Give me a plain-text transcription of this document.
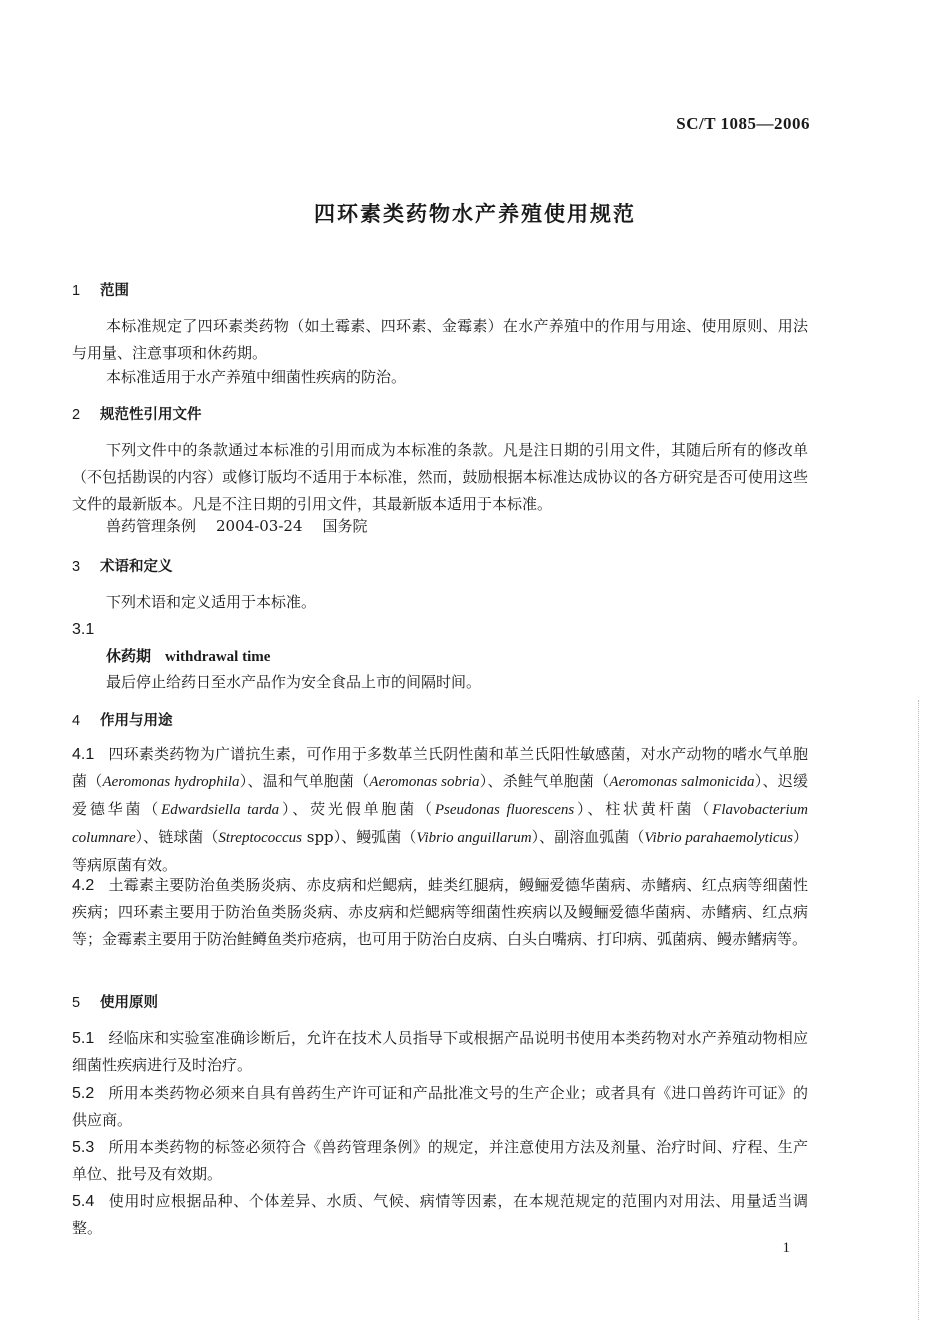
SC/T 1085—2006
四环素类药物水产养殖使用规范
1 范围
本标准规定了四环素类药物（如土霉素、四环素、金霉素）在水产养殖中的作用与用途、使用原则、用法与用量、注意事项和休药期。
本标准适用于水产养殖中细菌性疾病的防治。
2 规范性引用文件
下列文件中的条款通过本标准的引用而成为本标准的条款。凡是注日期的引用文件，其随后所有的修改单（不包括勘误的内容）或修订版均不适用于本标准，然而，鼓励根据本标准达成协议的各方研究是否可使用这些文件的最新版本。凡是不注日期的引用文件，其最新版本适用于本标准。
兽药管理条例 2004-03-24 国务院
3 术语和定义
下列术语和定义适用于本标准。
3.1
休药期 withdrawal time
最后停止给药日至水产品作为安全食品上市的间隔时间。
4 作用与用途
4.1 四环素类药物为广谱抗生素，可作用于多数革兰氏阴性菌和革兰氏阳性敏感菌，对水产动物的嗜水气单胞菌（Aeromonas hydrophila）、温和气单胞菌（Aeromonas sobria）、杀鲑气单胞菌（Aeromonas salmonicida）、迟缓爱德华菌（Edwardsiella tarda）、荧光假单胞菌（Pseudonas fluorescens）、柱状黄杆菌（Flavobacterium columnare）、链球菌（Streptococcus spp）、鳗弧菌（Vibrio anguillarum）、副溶血弧菌（Vibrio parahaemolyticus）等病原菌有效。
4.2 土霉素主要防治鱼类肠炎病、赤皮病和烂鳃病，蛙类红腿病，鳗鲡爱德华菌病、赤鳍病、红点病等细菌性疾病；四环素主要用于防治鱼类肠炎病、赤皮病和烂鳃病等细菌性疾病以及鳗鲡爱德华菌病、赤鳍病、红点病等；金霉素主要用于防治鲑鳟鱼类疖疮病，也可用于防治白皮病、白头白嘴病、打印病、弧菌病、鳗赤鳍病等。
5 使用原则
5.1 经临床和实验室准确诊断后，允许在技术人员指导下或根据产品说明书使用本类药物对水产养殖动物相应细菌性疾病进行及时治疗。
5.2 所用本类药物必须来自具有兽药生产许可证和产品批准文号的生产企业；或者具有《进口兽药许可证》的供应商。
5.3 所用本类药物的标签必须符合《兽药管理条例》的规定，并注意使用方法及剂量、治疗时间、疗程、生产单位、批号及有效期。
5.4 使用时应根据品种、个体差异、水质、气候、病情等因素，在本规范规定的范围内对用法、用量适当调整。
1
